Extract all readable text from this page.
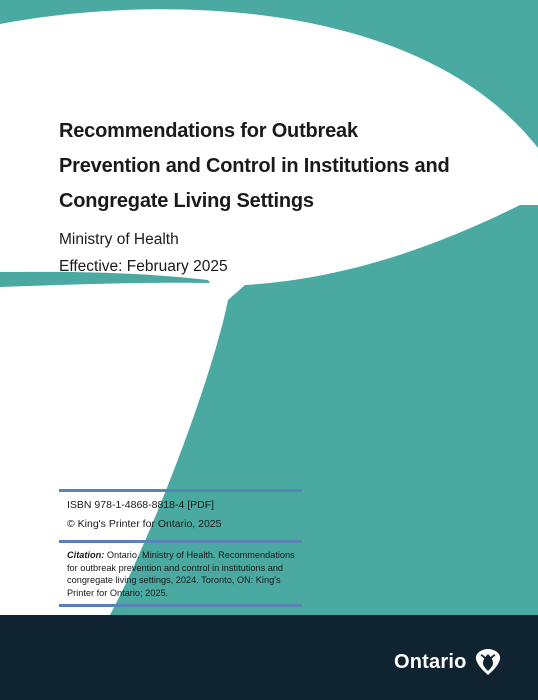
Recommendations for Outbreak Prevention and Control in Institutions and Congregate Living Settings
Ministry of Health
Effective: February 2025
ISBN 978-1-4868-8818-4 [PDF]
© King's Printer for Ontario, 2025

Citation: Ontario. Ministry of Health. Recommendations for outbreak prevention and control in institutions and congregate living settings, 2024. Toronto, ON: King's Printer for Ontario; 2025.

Ontario
